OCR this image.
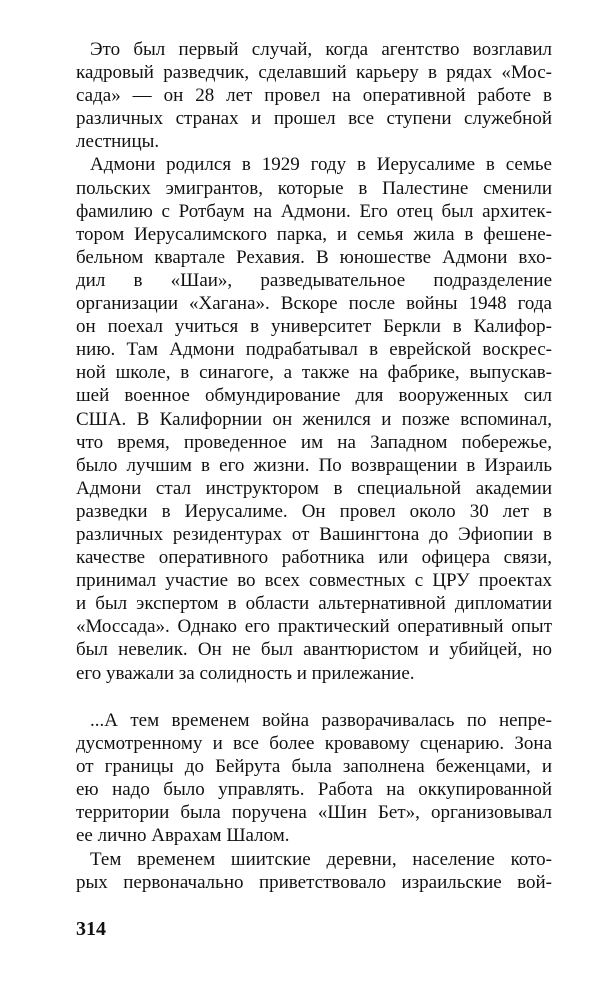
Это был первый случай, когда агентство возглавил
кадровый разведчик, сделавший карьеру в рядах «Мос-
сада» — он 28 лет провел на оперативной работе в
различных странах и прошел все ступени служебной
лестницы.
Адмони родился в 1929 году в Иерусалиме в семье
польских эмигрантов, которые в Палестине сменили
фамилию с Ротбаум на Адмони. Его отец был архитек-
тором Иерусалимского парка, и семья жила в фешене-
бельном квартале Рехавия. В юношестве Адмони вхо-
дил в «Шаи», разведывательное подразделение
организации «Хагана». Вскоре после войны 1948 года
он поехал учиться в университет Беркли в Калифор-
нию. Там Адмони подрабатывал в еврейской воскрес-
ной школе, в синагоге, а также на фабрике, выпускав-
шей военное обмундирование для вооруженных сил
США. В Калифорнии он женился и позже вспоминал,
что время, проведенное им на Западном побережье,
было лучшим в его жизни. По возвращении в Израиль
Адмони стал инструктором в специальной академии
разведки в Иерусалиме. Он провел около 30 лет в
различных резидентурах от Вашингтона до Эфиопии в
качестве оперативного работника или офицера связи,
принимал участие во всех совместных с ЦРУ проектах
и был экспертом в области альтернативной дипломатии
«Моссада». Однако его практический оперативный опыт
был невелик. Он не был авантюристом и убийцей, но
его уважали за солидность и прилежание.
...А тем временем война разворачивалась по непре-
дусмотренному и все более кровавому сценарию. Зона
от границы до Бейрута была заполнена беженцами, и
ею надо было управлять. Работа на оккупированной
территории была поручена «Шин Бет», организовывал
ее лично Аврахам Шалом.
Тем временем шиитские деревни, население кото-
рых первоначально приветствовало израильские вой-
314
